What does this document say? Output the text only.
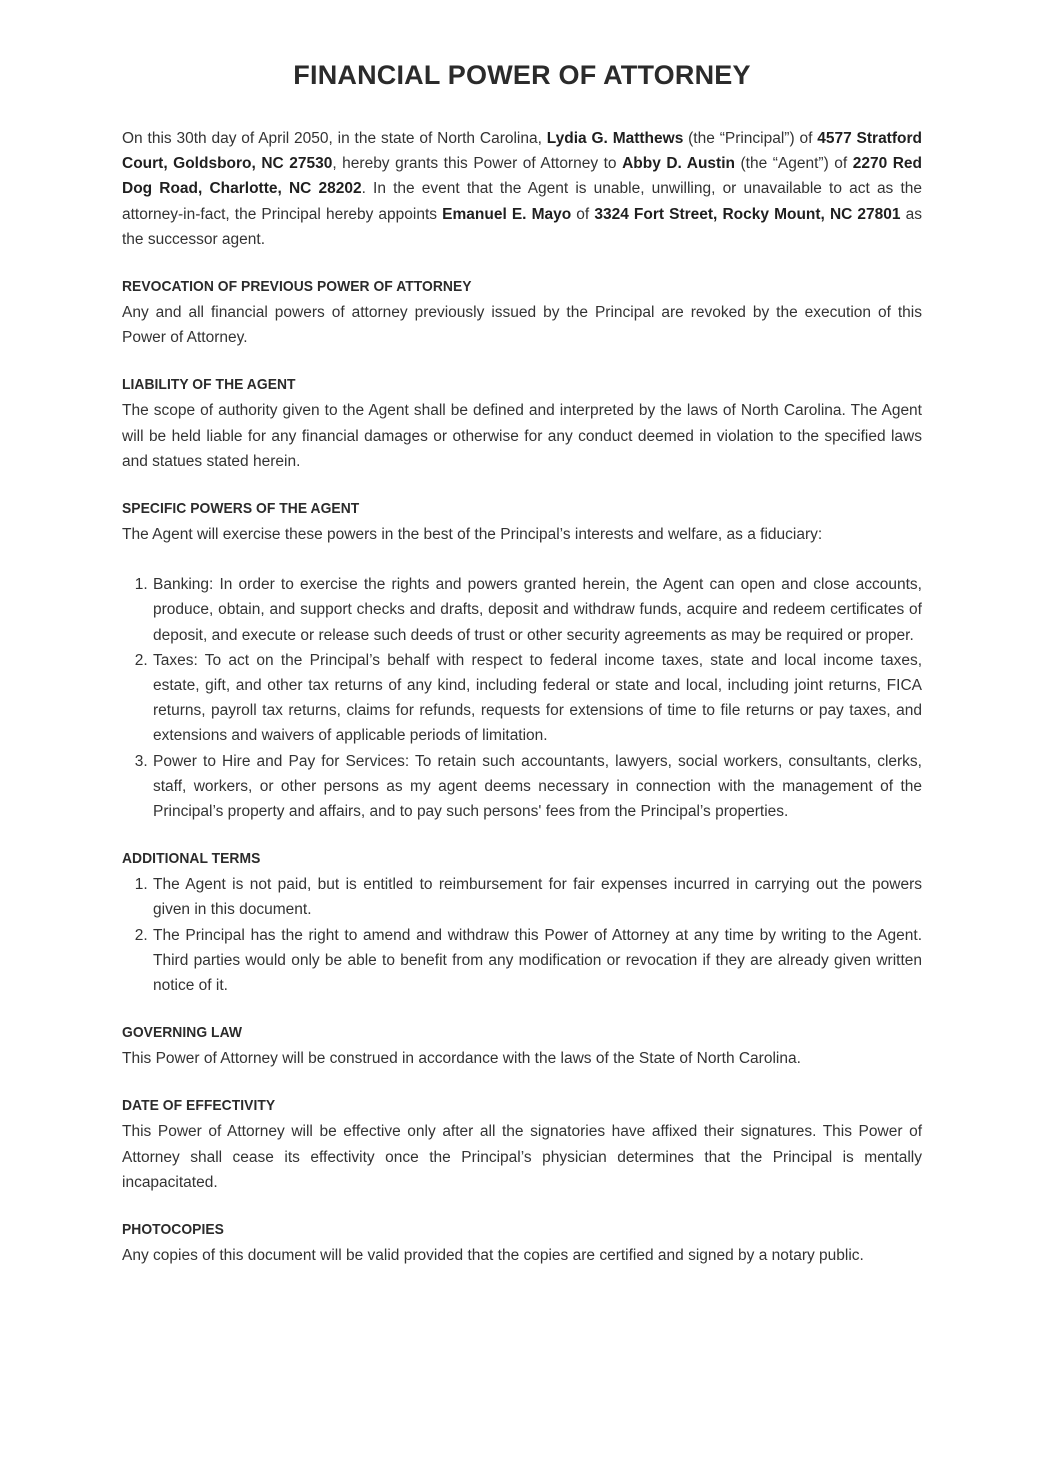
FINANCIAL POWER OF ATTORNEY

On this 30th day of April 2050, in the state of North Carolina, Lydia G. Matthews (the “Principal”) of 4577 Stratford Court, Goldsboro, NC 27530, hereby grants this Power of Attorney to Abby D. Austin (the “Agent”) of 2270 Red Dog Road, Charlotte, NC 28202. In the event that the Agent is unable, unwilling, or unavailable to act as the attorney-in-fact, the Principal hereby appoints Emanuel E. Mayo of 3324 Fort Street, Rocky Mount, NC 27801 as the successor agent.

REVOCATION OF PREVIOUS POWER OF ATTORNEY

Any and all financial powers of attorney previously issued by the Principal are revoked by the execution of this Power of Attorney.

LIABILITY OF THE AGENT

The scope of authority given to the Agent shall be defined and interpreted by the laws of North Carolina. The Agent will be held liable for any financial damages or otherwise for any conduct deemed in violation to the specified laws and statues stated herein.

SPECIFIC POWERS OF THE AGENT

The Agent will exercise these powers in the best of the Principal’s interests and welfare, as a fiduciary:

1. Banking: In order to exercise the rights and powers granted herein, the Agent can open and close accounts, produce, obtain, and support checks and drafts, deposit and withdraw funds, acquire and redeem certificates of deposit, and execute or release such deeds of trust or other security agreements as may be required or proper.
2. Taxes: To act on the Principal’s behalf with respect to federal income taxes, state and local income taxes, estate, gift, and other tax returns of any kind, including federal or state and local, including joint returns, FICA returns, payroll tax returns, claims for refunds, requests for extensions of time to file returns or pay taxes, and extensions and waivers of applicable periods of limitation.
3. Power to Hire and Pay for Services: To retain such accountants, lawyers, social workers, consultants, clerks, staff, workers, or other persons as my agent deems necessary in connection with the management of the Principal’s property and affairs, and to pay such persons' fees from the Principal’s properties.
ADDITIONAL TERMS
1. The Agent is not paid, but is entitled to reimbursement for fair expenses incurred in carrying out the powers given in this document.
2. The Principal has the right to amend and withdraw this Power of Attorney at any time by writing to the Agent. Third parties would only be able to benefit from any modification or revocation if they are already given written notice of it.
GOVERNING LAW

This Power of Attorney will be construed in accordance with the laws of the State of North Carolina.

DATE OF EFFECTIVITY

This Power of Attorney will be effective only after all the signatories have affixed their signatures. This Power of Attorney shall cease its effectivity once the Principal’s physician determines that the Principal is mentally incapacitated.

PHOTOCOPIES

Any copies of this document will be valid provided that the copies are certified and signed by a notary public.
